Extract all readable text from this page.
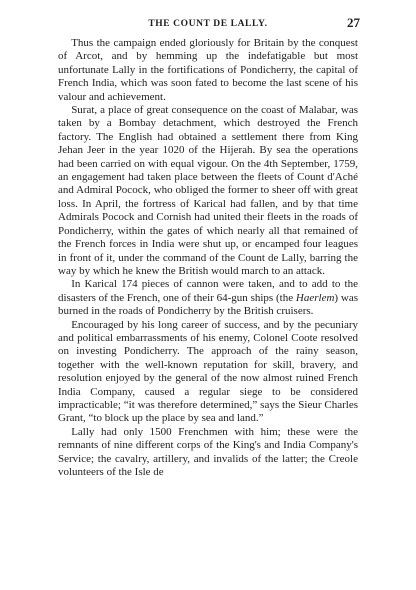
THE COUNT DE LALLY.	27

Thus the campaign ended gloriously for Britain by the conquest of Arcot, and by hemming up the indefatigable but most unfortunate Lally in the fortifications of Pondicherry, the capital of French India, which was soon fated to become the last scene of his valour and achievement.

Surat, a place of great consequence on the coast of Malabar, was taken by a Bombay detachment, which destroyed the French factory. The English had obtained a settlement there from King Jehan Jeer in the year 1020 of the Hijerah. By sea the operations had been carried on with equal vigour. On the 4th September, 1759, an engagement had taken place between the fleets of Count d'Aché and Admiral Pocock, who obliged the former to sheer off with great loss. In April, the fortress of Karical had fallen, and by that time Admirals Pocock and Cornish had united their fleets in the roads of Pondicherry, within the gates of which nearly all that remained of the French forces in India were shut up, or encamped four leagues in front of it, under the command of the Count de Lally, barring the way by which he knew the British would march to an attack.

In Karical 174 pieces of cannon were taken, and to add to the disasters of the French, one of their 64-gun ships (the Haerlem) was burned in the roads of Pondicherry by the British cruisers.

Encouraged by his long career of success, and by the pecuniary and political embarrassments of his enemy, Colonel Coote resolved on investing Pondicherry. The approach of the rainy season, together with the well-known reputation for skill, bravery, and resolution enjoyed by the general of the now almost ruined French India Company, caused a regular siege to be considered impracticable; “it was therefore determined,” says the Sieur Charles Grant, “to block up the place by sea and land.”

Lally had only 1500 Frenchmen with him; these were the remnants of nine different corps of the King's and India Company's Service; the cavalry, artillery, and invalids of the latter; the Creole volunteers of the Isle de
